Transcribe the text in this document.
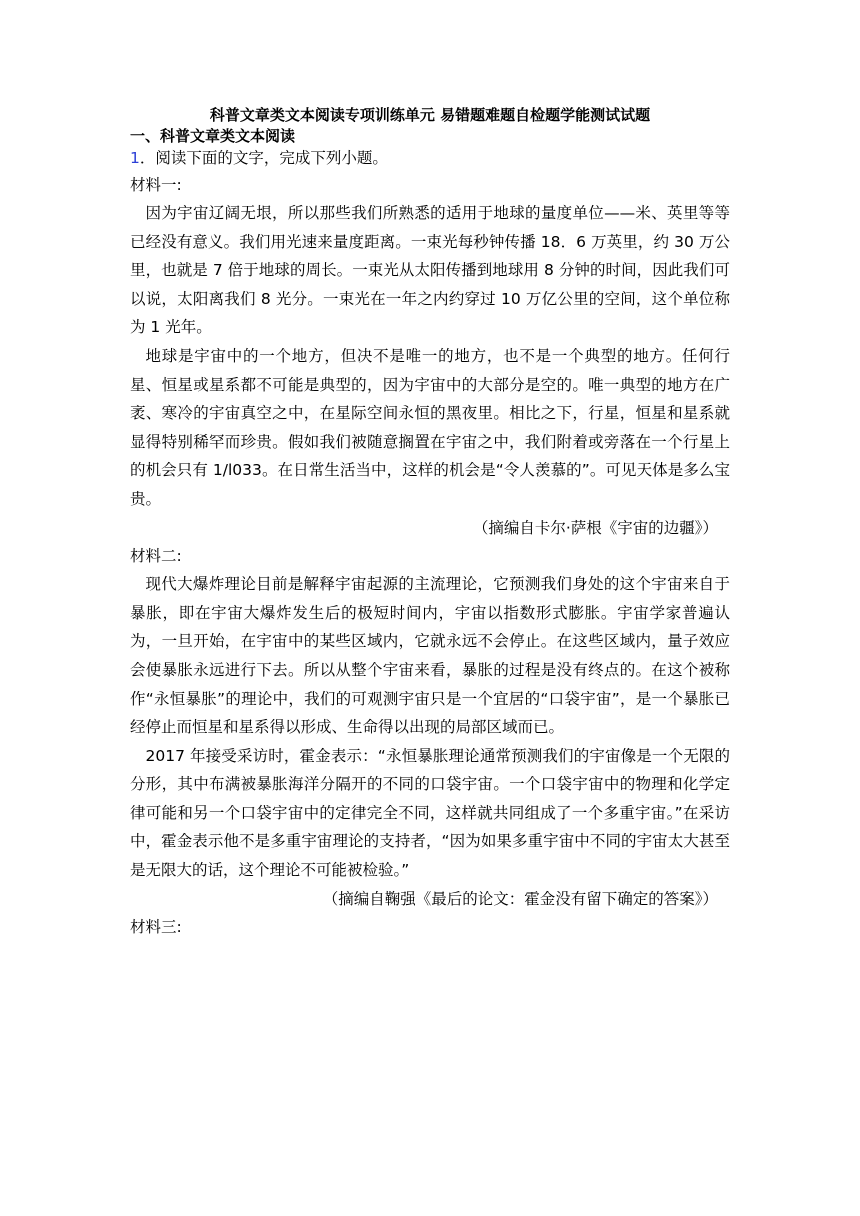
科普文章类文本阅读专项训练单元 易错题难题自检题学能测试试题
一、科普文章类文本阅读

1．阅读下面的文字，完成下列小题。

材料一:

因为宇宙辽阔无垠，所以那些我们所熟悉的适用于地球的量度单位——米、英里等等已经没有意义。我们用光速来量度距离。一束光每秒钟传播 18．6 万英里，约 30 万公里，也就是 7 倍于地球的周长。一束光从太阳传播到地球用 8 分钟的时间，因此我们可以说，太阳离我们 8 光分。一束光在一年之内约穿过 10 万亿公里的空间，这个单位称为 1 光年。

地球是宇宙中的一个地方，但决不是唯一的地方，也不是一个典型的地方。任何行星、恒星或星系都不可能是典型的，因为宇宙中的大部分是空的。唯一典型的地方在广袤、寒冷的宇宙真空之中，在星际空间永恒的黑夜里。相比之下，行星，恒星和星系就显得特别稀罕而珍贵。假如我们被随意搁置在宇宙之中，我们附着或旁落在一个行星上的机会只有 1/l033。在日常生活当中，这样的机会是“令人羡慕的”。可见天体是多么宝贵。

（摘编自卡尔·萨根《宇宙的边疆》）

材料二:

现代大爆炸理论目前是解释宇宙起源的主流理论，它预测我们身处的这个宇宙来自于暴胀，即在宇宙大爆炸发生后的极短时间内，宇宙以指数形式膨胀。宇宙学家普遍认为，一旦开始，在宇宙中的某些区域内，它就永远不会停止。在这些区域内，量子效应会使暴胀永远进行下去。所以从整个宇宙来看，暴胀的过程是没有终点的。在这个被称作“永恒暴胀”的理论中，我们的可观测宇宙只是一个宜居的“口袋宇宙”，是一个暴胀已经停止而恒星和星系得以形成、生命得以出现的局部区域而已。

2017 年接受采访时，霍金表示：“永恒暴胀理论通常预测我们的宇宙像是一个无限的分形，其中布满被暴胀海洋分隔开的不同的口袋宇宙。一个口袋宇宙中的物理和化学定律可能和另一个口袋宇宙中的定律完全不同，这样就共同组成了一个多重宇宙。”在采访中，霍金表示他不是多重宇宙理论的支持者，“因为如果多重宇宙中不同的宇宙太大甚至是无限大的话，这个理论不可能被检验。”

（摘编自鞠强《最后的论文：霍金没有留下确定的答案》）

材料三:
